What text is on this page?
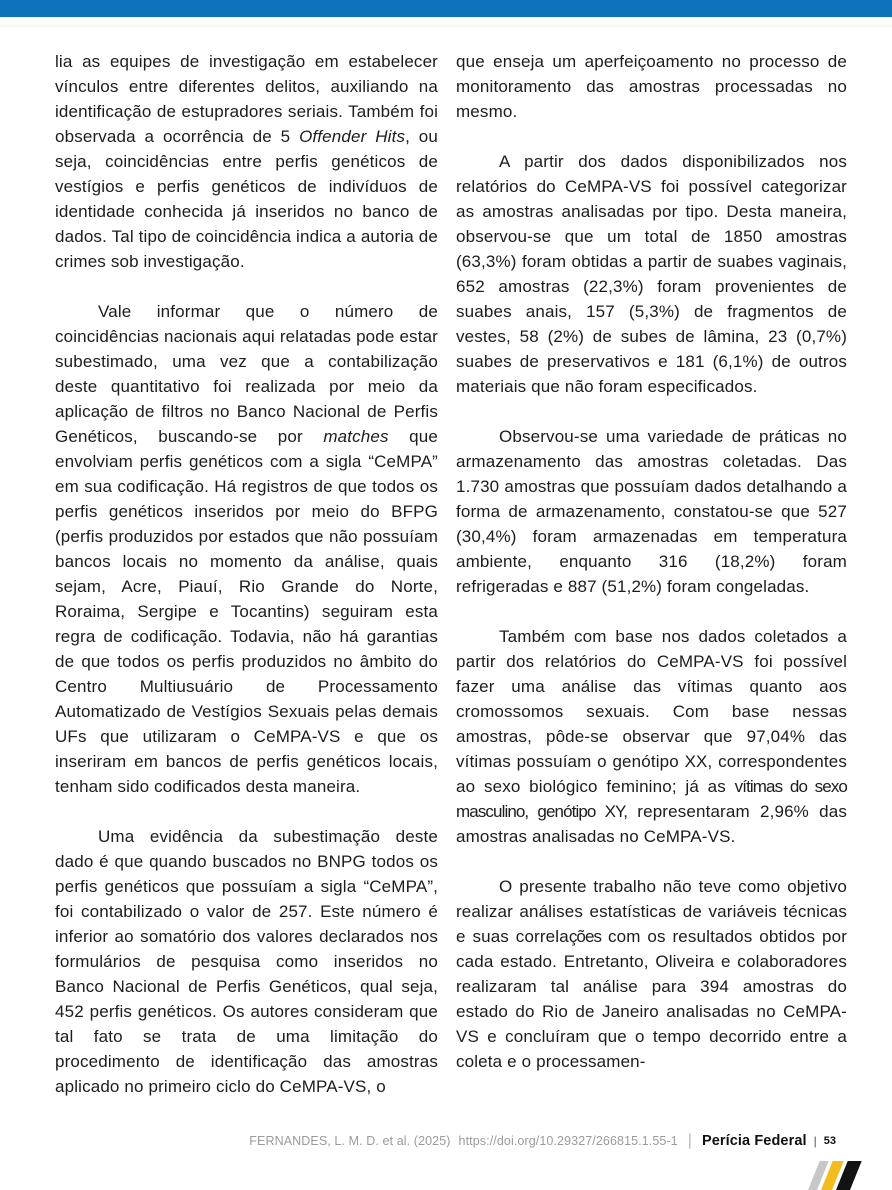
lia as equipes de investigação em estabelecer vínculos entre diferentes delitos, auxiliando na identificação de estupradores seriais. Também foi observada a ocorrência de 5 Offender Hits, ou seja, coincidências entre perfis genéticos de vestígios e perfis genéticos de indivíduos de identidade conhecida já inseridos no banco de dados. Tal tipo de coincidência indica a autoria de crimes sob investigação.

Vale informar que o número de coincidências nacionais aqui relatadas pode estar subestimado, uma vez que a contabilização deste quantitativo foi realizada por meio da aplicação de filtros no Banco Nacional de Perfis Genéticos, buscando-se por matches que envolviam perfis genéticos com a sigla “CeMPA” em sua codificação. Há registros de que todos os perfis genéticos inseridos por meio do BFPG (perfis produzidos por estados que não possuíam bancos locais no momento da análise, quais sejam, Acre, Piauí, Rio Grande do Norte, Roraima, Sergipe e Tocantins) seguiram esta regra de codificação. Todavia, não há garantias de que todos os perfis produzidos no âmbito do Centro Multiusuário de Processamento Automatizado de Vestígios Sexuais pelas demais UFs que utilizaram o CeMPA-VS e que os inseriram em bancos de perfis genéticos locais, tenham sido codificados desta maneira.

Uma evidência da subestimação deste dado é que quando buscados no BNPG todos os perfis genéticos que possuíam a sigla “CeMPA”, foi contabilizado o valor de 257. Este número é inferior ao somatório dos valores declarados nos formulários de pesquisa como inseridos no Banco Nacional de Perfis Genéticos, qual seja, 452 perfis genéticos. Os autores consideram que tal fato se trata de uma limitação do procedimento de identificação das amostras aplicado no primeiro ciclo do CeMPA-VS, o

que enseja um aperfeiçoamento no processo de monitoramento das amostras processadas no mesmo.

A partir dos dados disponibilizados nos relatórios do CeMPA-VS foi possível categorizar as amostras analisadas por tipo. Desta maneira, observou-se que um total de 1850 amostras (63,3%) foram obtidas a partir de suabes vaginais, 652 amostras (22,3%) foram provenientes de suabes anais, 157 (5,3%) de fragmentos de vestes, 58 (2%) de subes de lâmina, 23 (0,7%) suabes de preservativos e 181 (6,1%) de outros materiais que não foram especificados.

Observou-se uma variedade de práticas no armazenamento das amostras coletadas. Das 1.730 amostras que possuíam dados detalhando a forma de armazenamento, constatou-se que 527 (30,4%) foram armazenadas em temperatura ambiente, enquanto 316 (18,2%) foram refrigeradas e 887 (51,2%) foram congeladas.

Também com base nos dados coletados a partir dos relatórios do CeMPA-VS foi possível fazer uma análise das vítimas quanto aos cromossomos sexuais. Com base nessas amostras, pôde-se observar que 97,04% das vítimas possuíam o genótipo XX, correspondentes ao sexo biológico feminino; já as vítimas do sexo masculino, genótipo XY, representaram 2,96% das amostras analisadas no CeMPA-VS.

O presente trabalho não teve como objetivo realizar análises estatísticas de variáveis técnicas e suas correlações com os resultados obtidos por cada estado. Entretanto, Oliveira e colaboradores realizaram tal análise para 394 amostras do estado do Rio de Janeiro analisadas no CeMPA-VS e concluíram que o tempo decorrido entre a coleta e o processamen-

FERNANDES, L. M. D. et al. (2025) https://doi.org/10.29327/266815.1.55-1 | Perícia Federal | 53
